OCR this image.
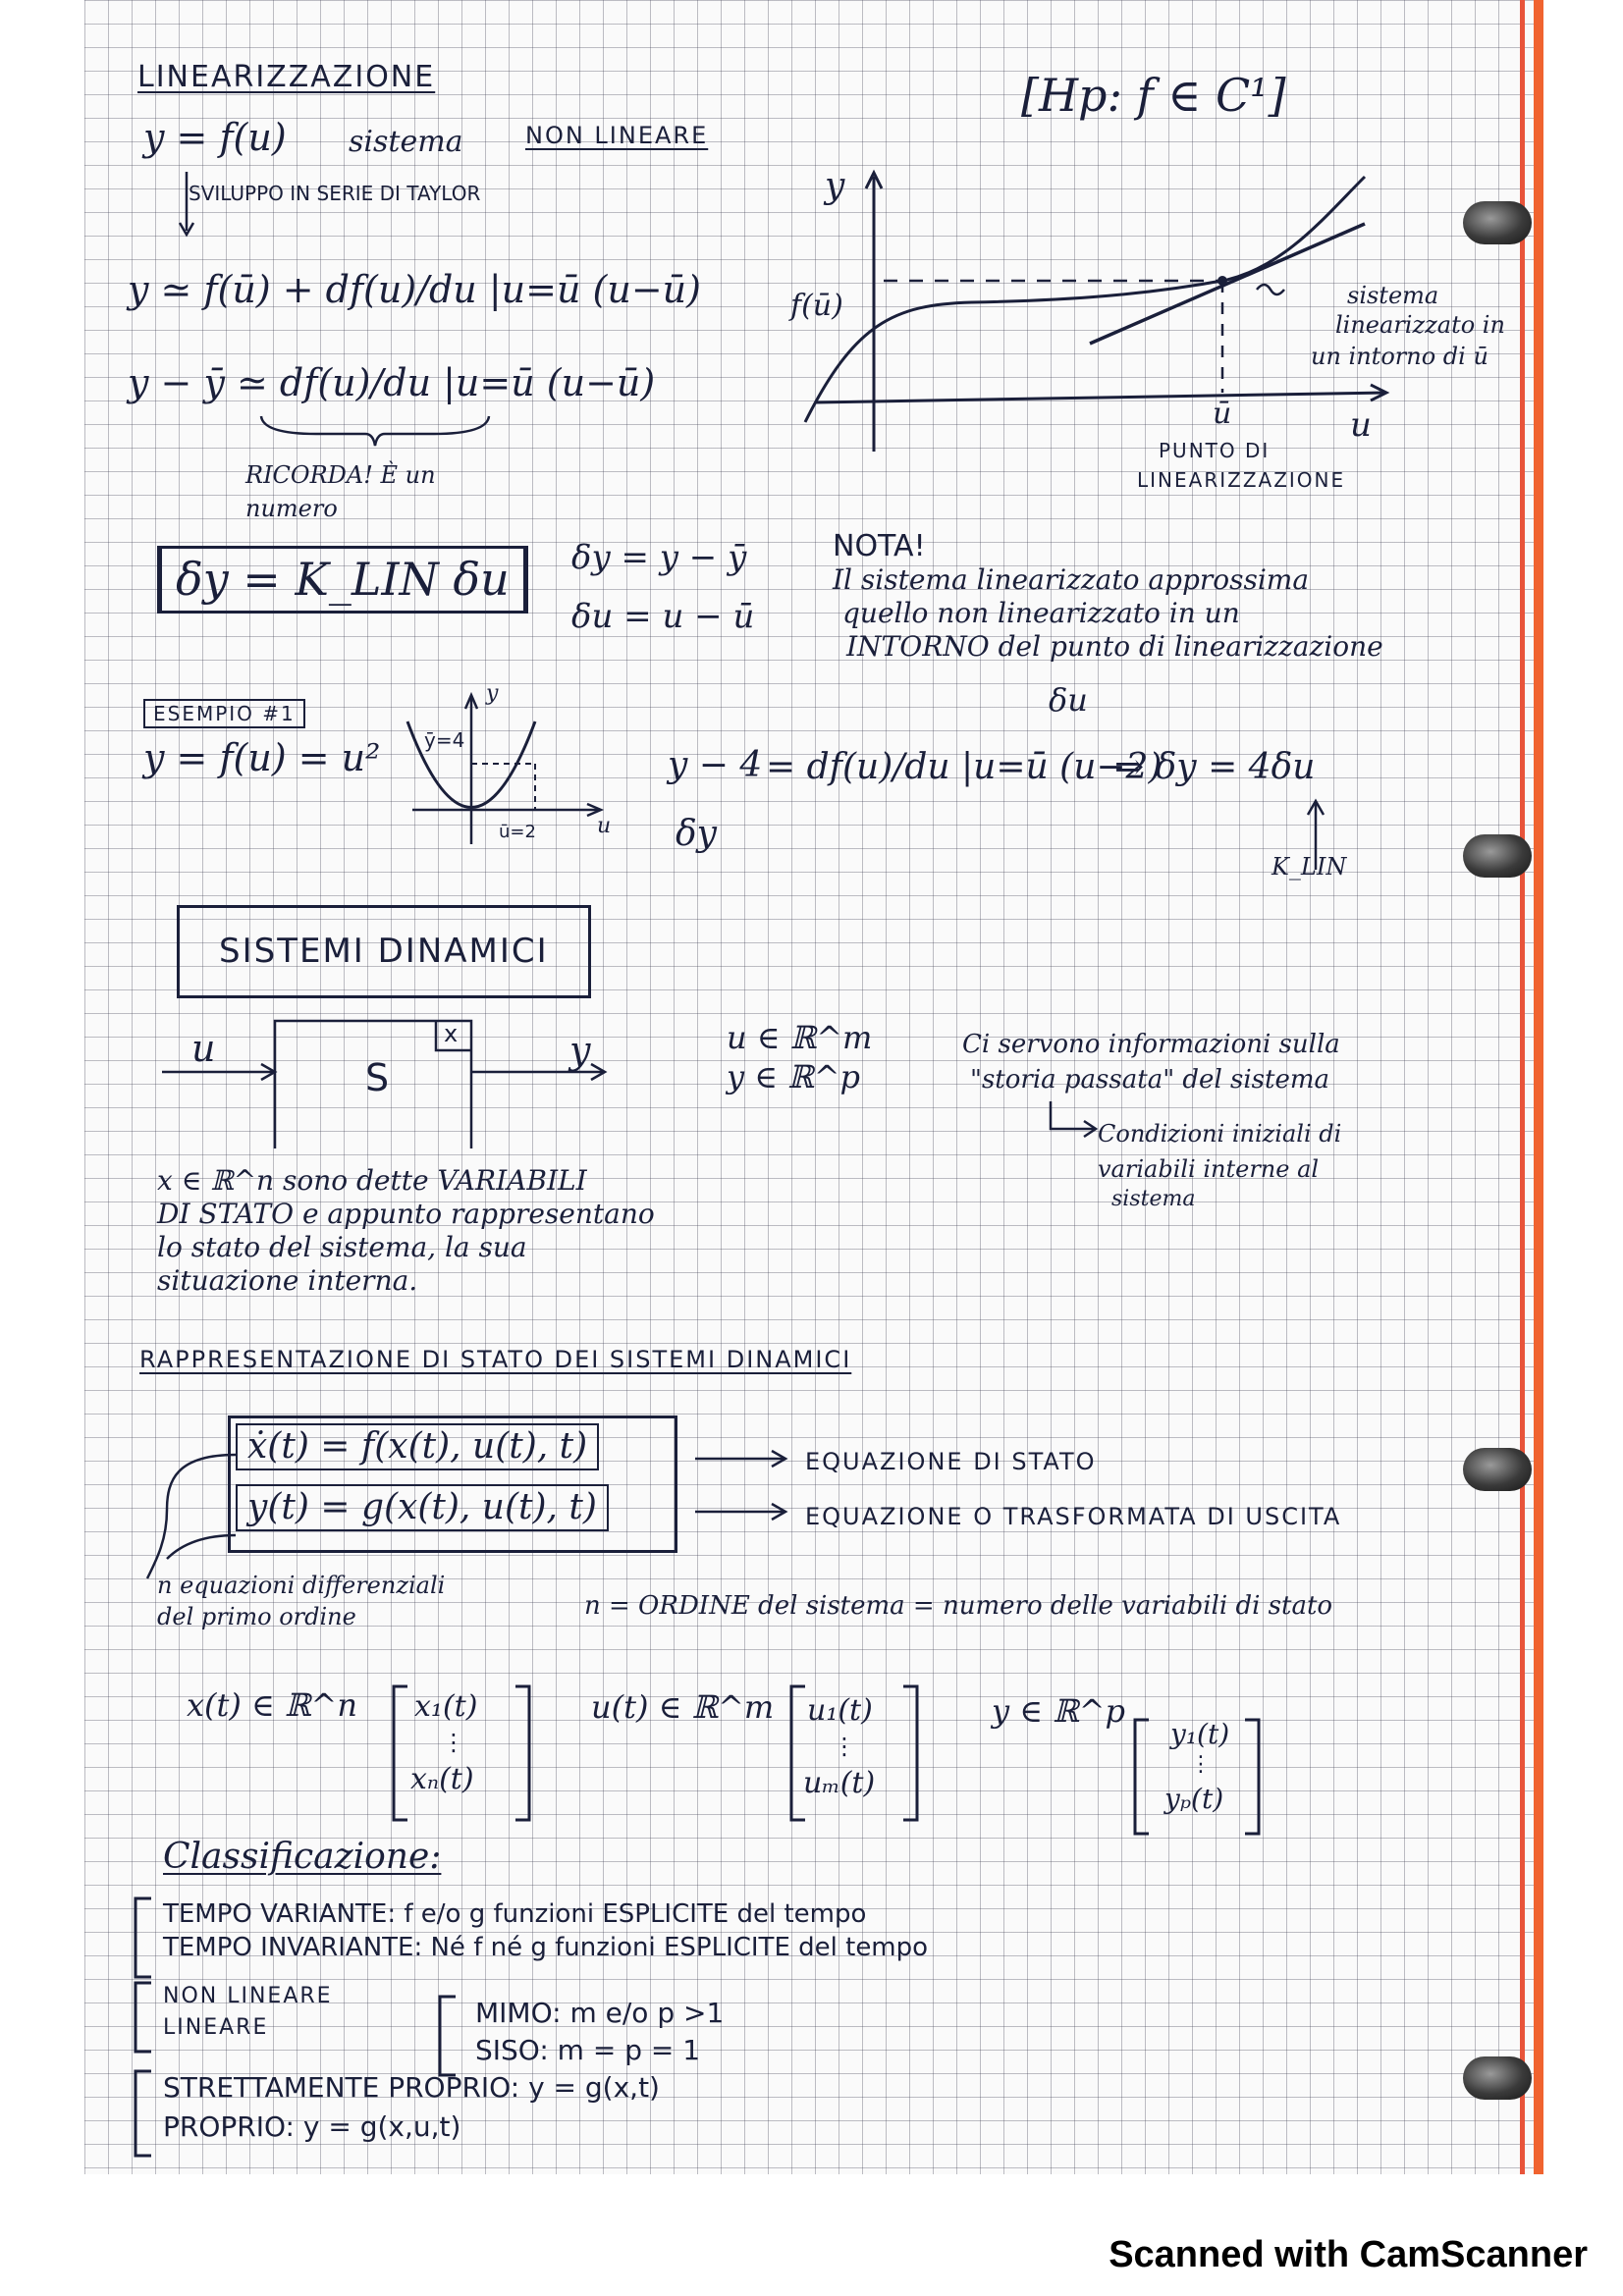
LINEARIZZAZIONE	[Hp: f ∈ C¹]
y = f(u) sistema	NON LINEARE
SVILUPPO IN SERIE DI TAYLOR
y ≃ f(ū) + df(u)/du |u=ū (u−ū)
y − ȳ ≃ df(u)/du |u=ū (u−ū)
RICORDA! È un numero
δy = K_LIN δu	δy = y − ȳ
δu = u − ū
NOTA!
Il sistema linearizzato approssima
quello non linearizzato in un
INTORNO del punto di linearizzazione
y
f(ū)
ū	u
PUNTO DI
LINEARIZZAZIONE
sistema
linearizzato in
un intorno di ū
ESEMPIO #1
y = f(u) = u² ȳ=4
ū=2
y
u
y − 4
δy
= df(u)/du |u=ū (u−2)
δu
⇒ δy = 4δu
K_LIN
SISTEMI DINAMICI
u
S
x	y	u ∈ ℝ^m
y ∈ ℝ^p
Ci servono informazioni sulla
"storia passata" del sistema
Condizioni iniziali di
variabili interne al
sistema
x ∈ ℝ^n sono dette VARIABILI
DI STATO e appunto rappresentano
lo stato del sistema, la sua
situazione interna.
RAPPRESENTAZIONE DI STATO DEI SISTEMI DINAMICI
ẋ(t) = f(x(t), u(t), t)
y(t) = g(x(t), u(t), t)
EQUAZIONE DI STATO
EQUAZIONE O TRASFORMATA DI USCITA
n equazioni differenziali
del primo ordine	n = ORDINE del sistema = numero delle variabili di stato
x(t) ∈ ℝ^n x₁(t)
⋮
xₙ(t)
u(t) ∈ ℝ^m u₁(t)
⋮
uₘ(t)
y ∈ ℝ^p
y₁(t)
⋮
yₚ(t)
Classificazione:
TEMPO VARIANTE: f e/o g funzioni ESPLICITE del tempo
TEMPO INVARIANTE: Né f né g funzioni ESPLICITE del tempo
NON LINEARE
LINEARE	MIMO: m e/o p >1
SISO: m = p = 1
STRETTAMENTE PROPRIO: y = g(x,t)
PROPRIO: y = g(x,u,t)
Scanned with CamScanner
